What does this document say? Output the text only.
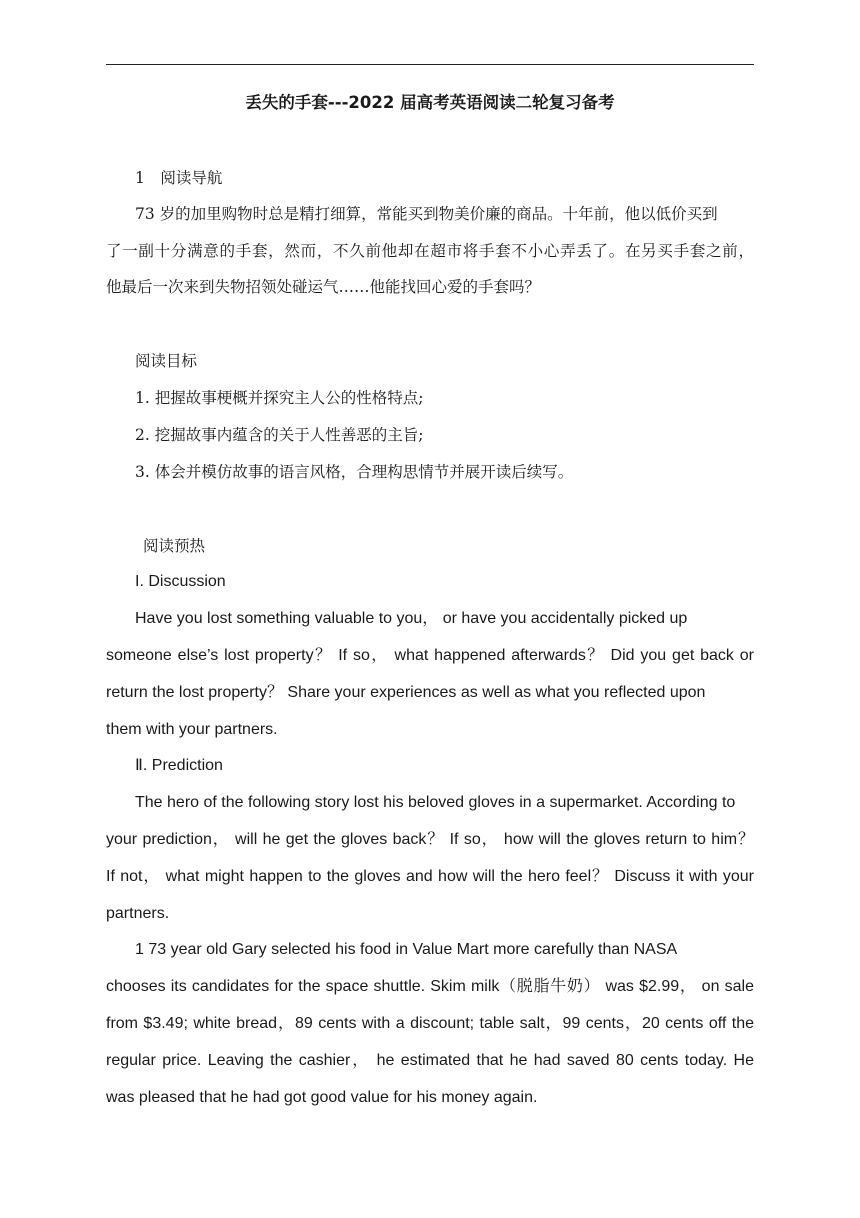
丢失的手套---2022 届高考英语阅读二轮复习备考
1　阅读导航
73 岁的加里购物时总是精打细算，常能买到物美价廉的商品。十年前，他以低价买到
了一副十分满意的手套，然而，不久前他却在超市将手套不小心弄丢了。在另买手套之前，
他最后一次来到失物招领处碰运气……他能找回心爱的手套吗？
阅读目标
1. 把握故事梗概并探究主人公的性格特点;
2. 挖掘故事内蕴含的关于人性善恶的主旨;
3. 体会并模仿故事的语言风格，合理构思情节并展开读后续写。
阅读预热
I. Discussion
Have you lost something valuable to you， or have you accidentally picked up
someone else’s lost property？ If so， what happened afterwards？ Did you get back or
return the lost property？ Share your experiences as well as what you reflected upon
them with your partners.
Ⅱ. Prediction
The hero of the following story lost his beloved gloves in a supermarket. According to
your prediction， will he get the gloves back？ If so， how will the gloves return to him？
If not， what might happen to the gloves and how will the hero feel？ Discuss it with your
partners.
1 73 year old Gary selected his food in Value Mart more carefully than NASA
chooses its candidates for the space shuttle. Skim milk（脱脂牛奶） was $2.99， on sale
from $3.49; white bread，89 cents with a discount; table salt，99 cents，20 cents off the
regular price. Leaving the cashier， he estimated that he had saved 80 cents today. He
was pleased that he had got good value for his money again.
